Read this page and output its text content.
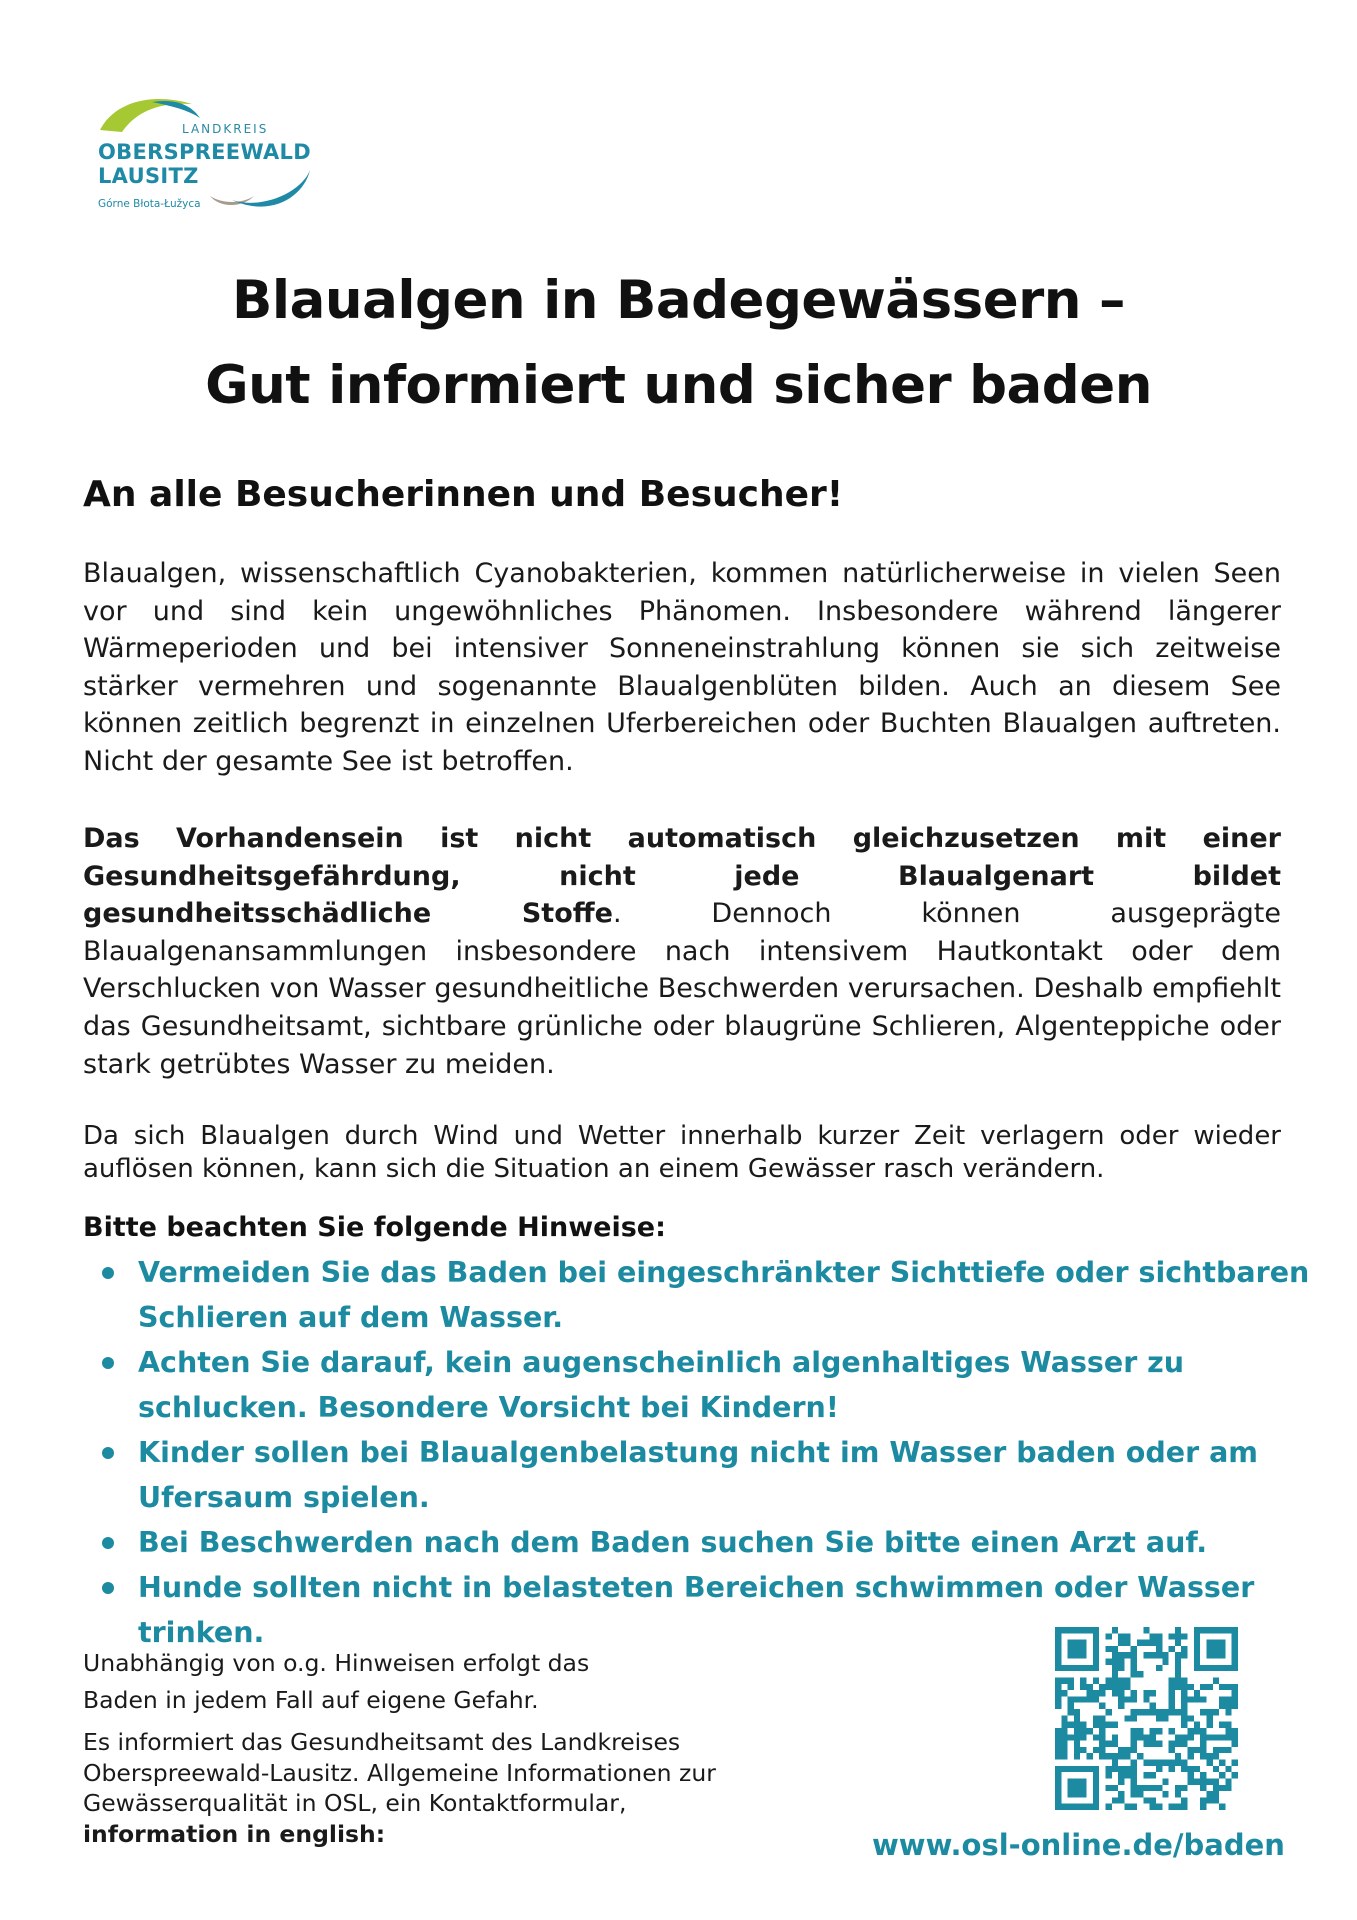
LANDKREIS
OBERSPREEWALD
LAUSITZ
Górne Błota-Łužyca
Blaualgen in Badegewässern –
Gut informiert und sicher baden
An alle Besucherinnen und Besucher!

Blaualgen, wissenschaftlich Cyanobakterien, kommen natürlicherweise in vielen Seen vor und sind kein ungewöhnliches Phänomen. Insbesondere während längerer Wärmeperioden und bei intensiver Sonneneinstrahlung können sie sich zeitweise stärker vermehren und sogenannte Blaualgenblüten bilden. Auch an diesem See können zeitlich begrenzt in einzelnen Uferbereichen oder Buchten Blaualgen auftreten. Nicht der gesamte See ist betroffen.

Das Vorhandensein ist nicht automatisch gleichzusetzen mit einer Gesundheitsgefährdung, nicht jede Blaualgenart bildet gesundheitsschädliche Stoffe. Dennoch können ausgeprägte Blaualgenansammlungen insbesondere nach intensivem Hautkontakt oder dem Verschlucken von Wasser gesundheitliche Beschwerden verursachen. Deshalb empfiehlt das Gesundheitsamt, sichtbare grünliche oder blaugrüne Schlieren, Algenteppiche oder stark getrübtes Wasser zu meiden.

Da sich Blaualgen durch Wind und Wetter innerhalb kurzer Zeit verlagern oder wieder auflösen können, kann sich die Situation an einem Gewässer rasch verändern.

Bitte beachten Sie folgende Hinweise:
Vermeiden Sie das Baden bei eingeschränkter Sichttiefe oder sichtbaren Schlieren auf dem Wasser.
Achten Sie darauf, kein augenscheinlich algenhaltiges Wasser zu schlucken. Besondere Vorsicht bei Kindern!
Kinder sollen bei Blaualgenbelastung nicht im Wasser baden oder am Ufersaum spielen.
Bei Beschwerden nach dem Baden suchen Sie bitte einen Arzt auf.
Hunde sollten nicht in belasteten Bereichen schwimmen oder Wasser trinken.

Unabhängig von o.g. Hinweisen erfolgt das Baden in jedem Fall auf eigene Gefahr.

Es informiert das Gesundheitsamt des Landkreises Oberspreewald-Lausitz. Allgemeine Informationen zur Gewässerqualität in OSL, ein Kontaktformular, information in english:	www.osl-online.de/baden
